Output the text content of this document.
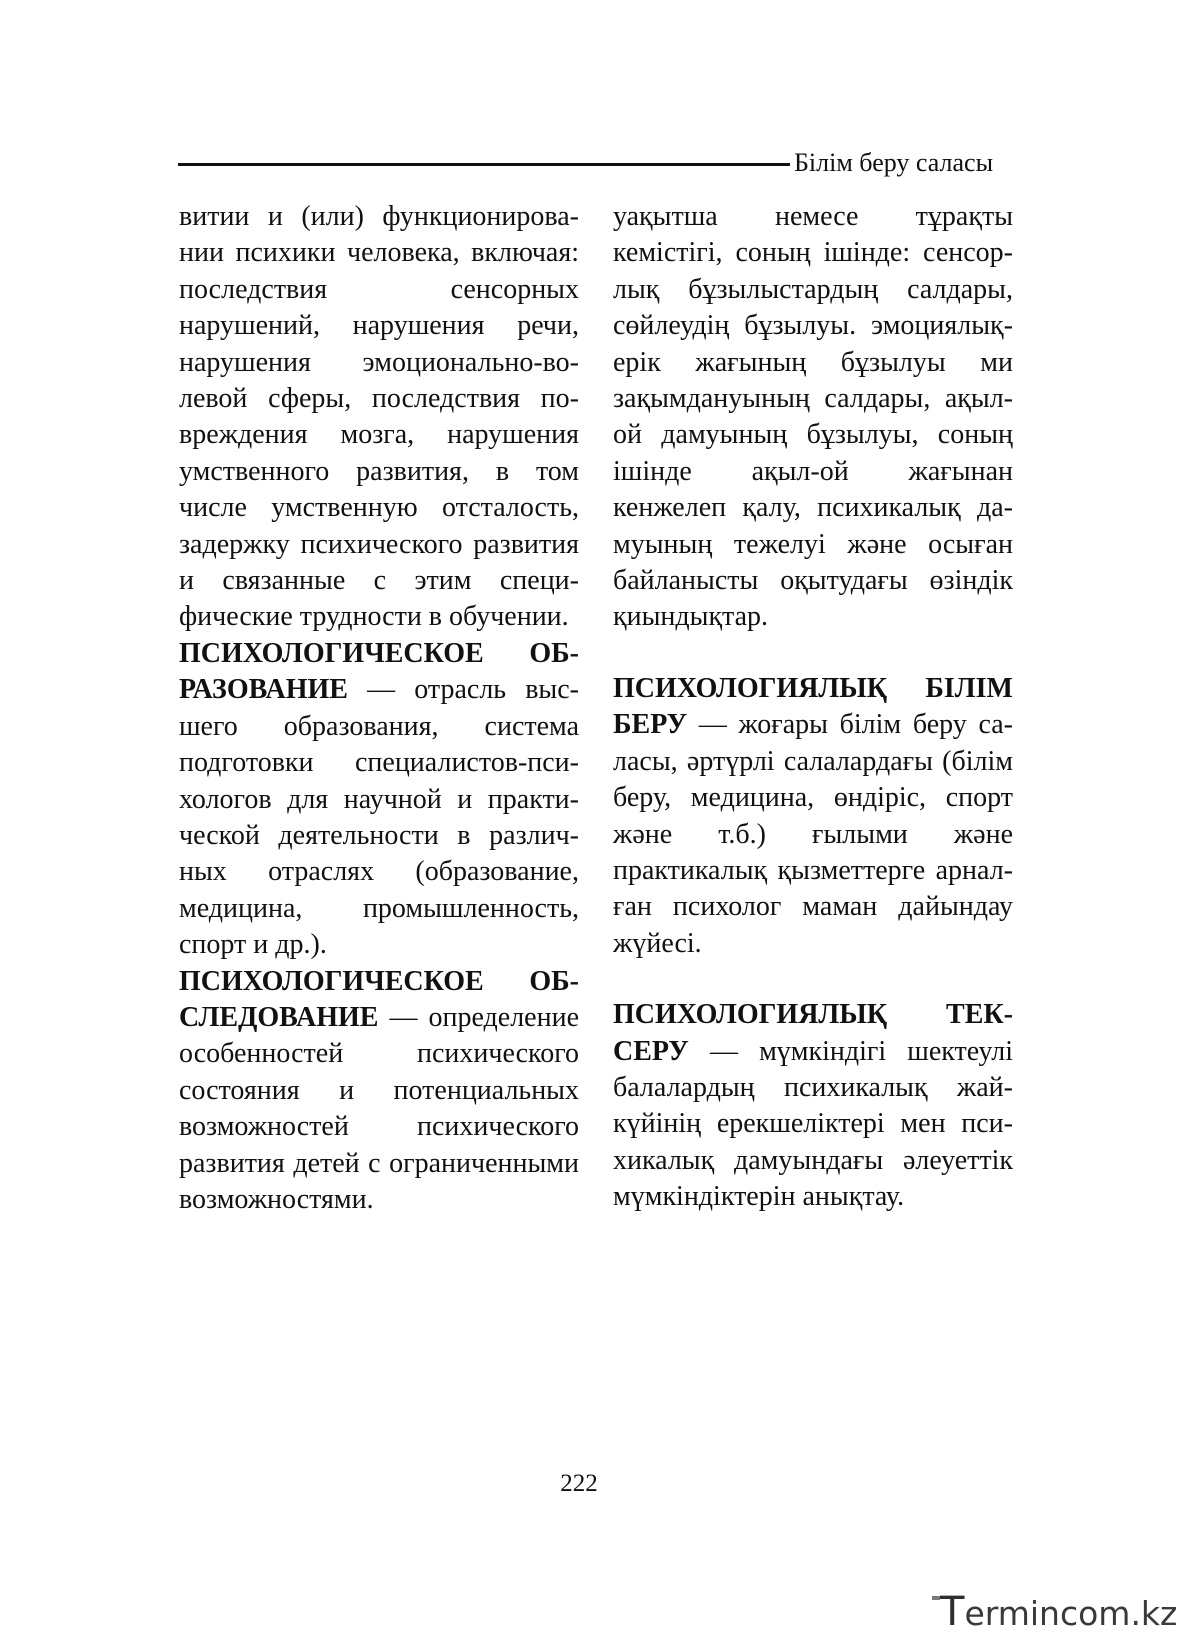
Білім беру саласы

витии и (или) функционировании психики человека, включая: последствия сенсорных нарушений, нарушения речи, нарушения эмоционально-волевой сферы, последствия повреждения мозга, нарушения умственного развития, в том числе умственную отсталость, задержку психического развития и связанные с этим специфические трудности в обучении.

ПСИХОЛОГИЧЕСКОЕ ОБРАЗОВАНИЕ — отрасль высшего образования, система подготовки специалистов-психологов для научной и практической деятельности в различных отраслях (образование, медицина, промышленность, спорт и др.).

ПСИХОЛОГИЧЕСКОЕ ОБСЛЕДОВАНИЕ — определение особенностей психического состояния и потенциальных возможностей психического развития детей с ограниченными возможностями.

уақытша немесе тұрақты кемістігі, соның ішінде: сенсорлық бұзылыстардың салдары, сөйлеудің бұзылуы. эмоциялық-ерік жағының бұзылуы ми зақымдануының салдары, ақыл-ой дамуының бұзылуы, соның ішінде ақыл-ой жағынан кенжелеп қалу, психикалық дамуының тежелуі және осыған байланысты оқытудағы өзіндік қиындықтар.

ПСИХОЛОГИЯЛЫҚ БІЛІМ БЕРУ — жоғары білім беру саласы, әртүрлі салалардағы (білім беру, медицина, өндіріс, спорт және т.б.) ғылыми және практикалық қызметтерге арналған психолог маман дайындау жүйесі.

ПСИХОЛОГИЯЛЫҚ ТЕКСЕРУ — мүмкіндігі шектеулі балалардың психикалық жай-күйінің ерекшеліктері мен психикалық дамуындағы әлеуеттік мүмкіндіктерін анықтау.

222
Termincom.kz
